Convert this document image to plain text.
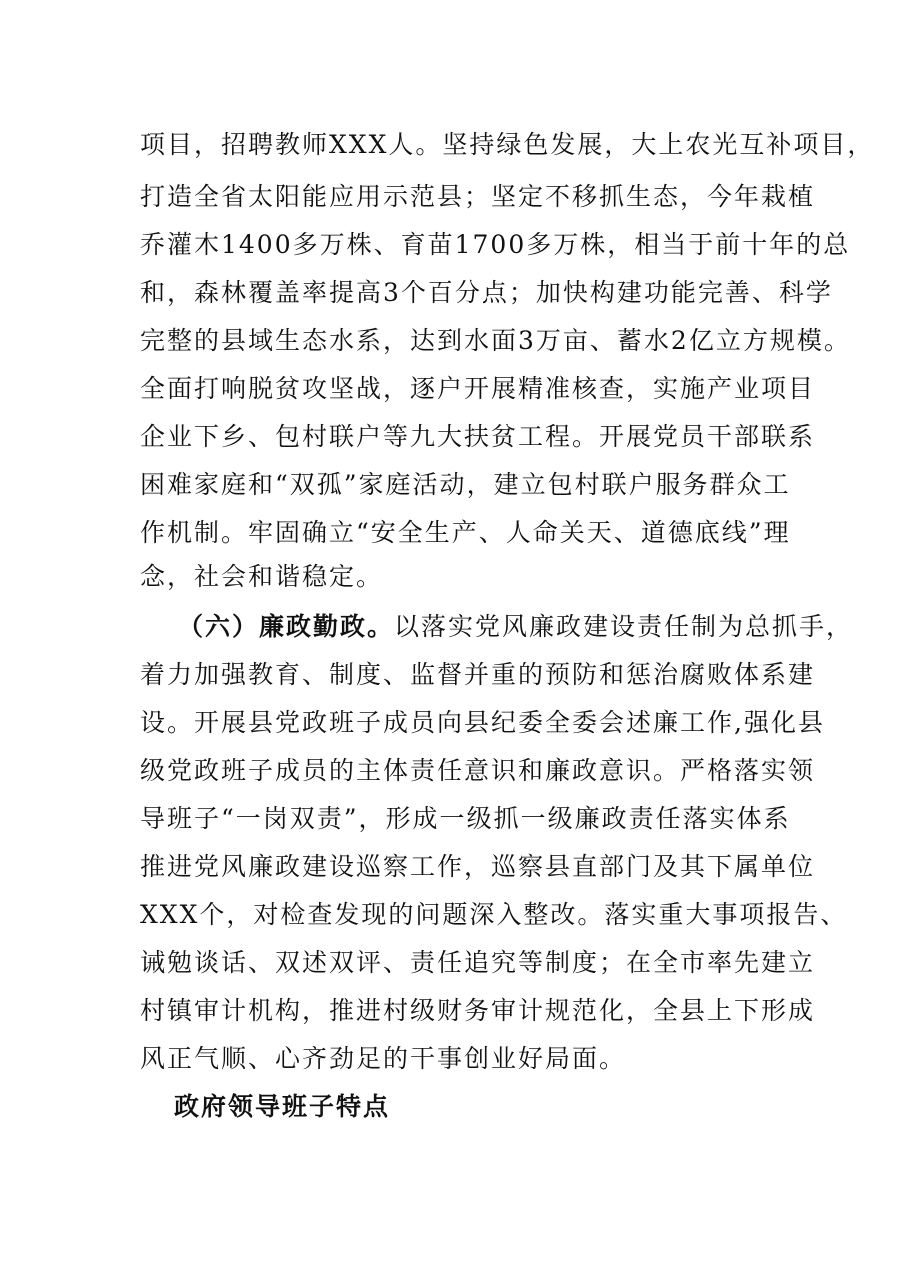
项目，招聘教师XXX人。坚持绿色发展，大上农光互补项目，
打造全省太阳能应用示范县；坚定不移抓生态，今年栽植
乔灌木1400多万株、育苗1700多万株，相当于前十年的总
和，森林覆盖率提高3个百分点；加快构建功能完善、科学
完整的县域生态水系，达到水面3万亩、蓄水2亿立方规模。
全面打响脱贫攻坚战，逐户开展精准核查，实施产业项目
企业下乡、包村联户等九大扶贫工程。开展党员干部联系
困难家庭和“双孤”家庭活动，建立包村联户服务群众工
作机制。牢固确立“安全生产、人命关天、道德底线”理
念，社会和谐稳定。
（六）廉政勤政。以落实党风廉政建设责任制为总抓手，
着力加强教育、制度、监督并重的预防和惩治腐败体系建
设。开展县党政班子成员向县纪委全委会述廉工作,强化县
级党政班子成员的主体责任意识和廉政意识。严格落实领
导班子“一岗双责”，形成一级抓一级廉政责任落实体系
推进党风廉政建设巡察工作，巡察县直部门及其下属单位
XXX个，对检查发现的问题深入整改。落实重大事项报告、
诫勉谈话、双述双评、责任追究等制度；在全市率先建立
村镇审计机构，推进村级财务审计规范化，全县上下形成
风正气顺、心齐劲足的干事创业好局面。
政府领导班子特点
